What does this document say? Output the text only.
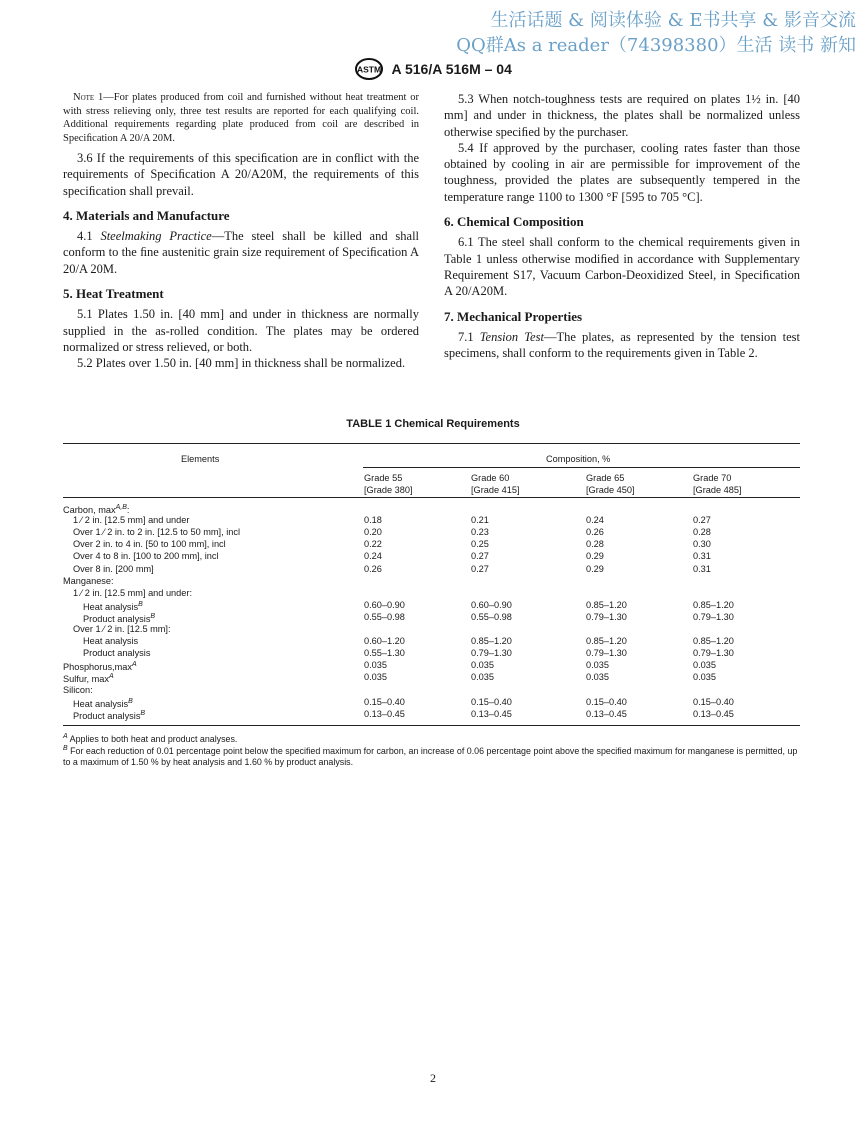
生活话题 & 阅读体验 & E书共享 & 影音交流
QQ群As a reader（74398380）生活 读书 新知
ASTM A 516/A 516M – 04

Note 1—For plates produced from coil and furnished without heat treatment or with stress relieving only, three test results are reported for each qualifying coil. Additional requirements regarding plate produced from coil are described in Speciﬁcation A 20/A 20M.

3.6 If the requirements of this speciﬁcation are in conﬂict with the requirements of Speciﬁcation A 20/A20M, the requirements of this speciﬁcation shall prevail.

4. Materials and Manufacture

4.1 Steelmaking Practice—The steel shall be killed and shall conform to the ﬁne austenitic grain size requirement of Speciﬁcation A 20/A 20M.

5. Heat Treatment

5.1 Plates 1.50 in. [40 mm] and under in thickness are normally supplied in the as-rolled condition. The plates may be ordered normalized or stress relieved, or both.

5.2 Plates over 1.50 in. [40 mm] in thickness shall be normalized.

5.3 When notch-toughness tests are required on plates 1½ in. [40 mm] and under in thickness, the plates shall be normalized unless otherwise speciﬁed by the purchaser.

5.4 If approved by the purchaser, cooling rates faster than those obtained by cooling in air are permissible for improvement of the toughness, provided the plates are subsequently tempered in the temperature range 1100 to 1300 °F [595 to 705 °C].

6. Chemical Composition

6.1 The steel shall conform to the chemical requirements given in Table 1 unless otherwise modiﬁed in accordance with Supplementary Requirement S17, Vacuum Carbon-Deoxidized Steel, in Speciﬁcation A 20/A20M.

7. Mechanical Properties

7.1 Tension Test—The plates, as represented by the tension test specimens, shall conform to the requirements given in Table 2.

TABLE 1 Chemical Requirements
Elements	Composition, %
Grade 55
[Grade 380]
Grade 60
[Grade 415]
Grade 65
[Grade 450]
Grade 70
[Grade 485]
Carbon, $\max^{A,B}$:
1 ⁄ 2 in. [12.5 mm] and under	0.18	0.21	0.24	0.27
Over 1 ⁄ 2 in. to 2 in. [12.5 to 50 mm], incl	0.20	0.23	0.26	0.28
Over 2 in. to 4 in. [50 to 100 mm], incl	0.22	0.25	0.28	0.30
Over 4 to 8 in. [100 to 200 mm], incl	0.24	0.27	0.29	0.31
Over 8 in. [200 mm]	0.26	0.27	0.29	0.31
Manganese:
1 ⁄ 2 in. [12.5 mm] and under:
Heat analysis$^B$	0.60–0.90	0.60–0.90	0.85–1.20	0.85–1.20
Product analysis$^B$	0.55–0.98	0.55–0.98	0.79–1.30	0.79–1.30
Over 1 ⁄ 2 in. [12.5 mm]:
Heat analysis	0.60–1.20	0.85–1.20	0.85–1.20	0.85–1.20
Product analysis	0.55–1.30	0.79–1.30	0.79–1.30	0.79–1.30
$Phosphorus,\max^A$	0.035	0.035	0.035	0.035
Sulfur, $\max^A$	0.035	0.035	0.035	0.035
Silicon:
Heat analysis$^B$	0.15–0.40	0.15–0.40	0.15–0.40	0.15–0.40
Product analysis$^B$	0.13–0.45	0.13–0.45	0.13–0.45	0.13–0.45
$^A$ Applies to both heat and product analyses.
$^B$ For each reduction of 0.01 percentage point below the speciﬁed maximum for carbon, an increase of 0.06 percentage point above the speciﬁed maximum for manganese is permitted, up to a maximum of 1.50 % by heat analysis and 1.60 % by product analysis.
2
